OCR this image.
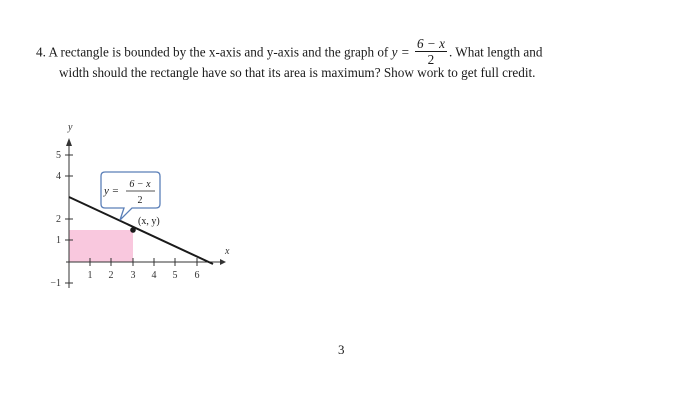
4. A rectangle is bounded by the x-axis and y-axis and the graph of $y = \frac{6 - x}{2}$ . What length and
width should the rectangle have so that its area is maximum? Show work to get full credit.
1 2 3 4 5 6
5
4
2
1
−1
y
x
(x, y)
y =
6 − x
2
3
